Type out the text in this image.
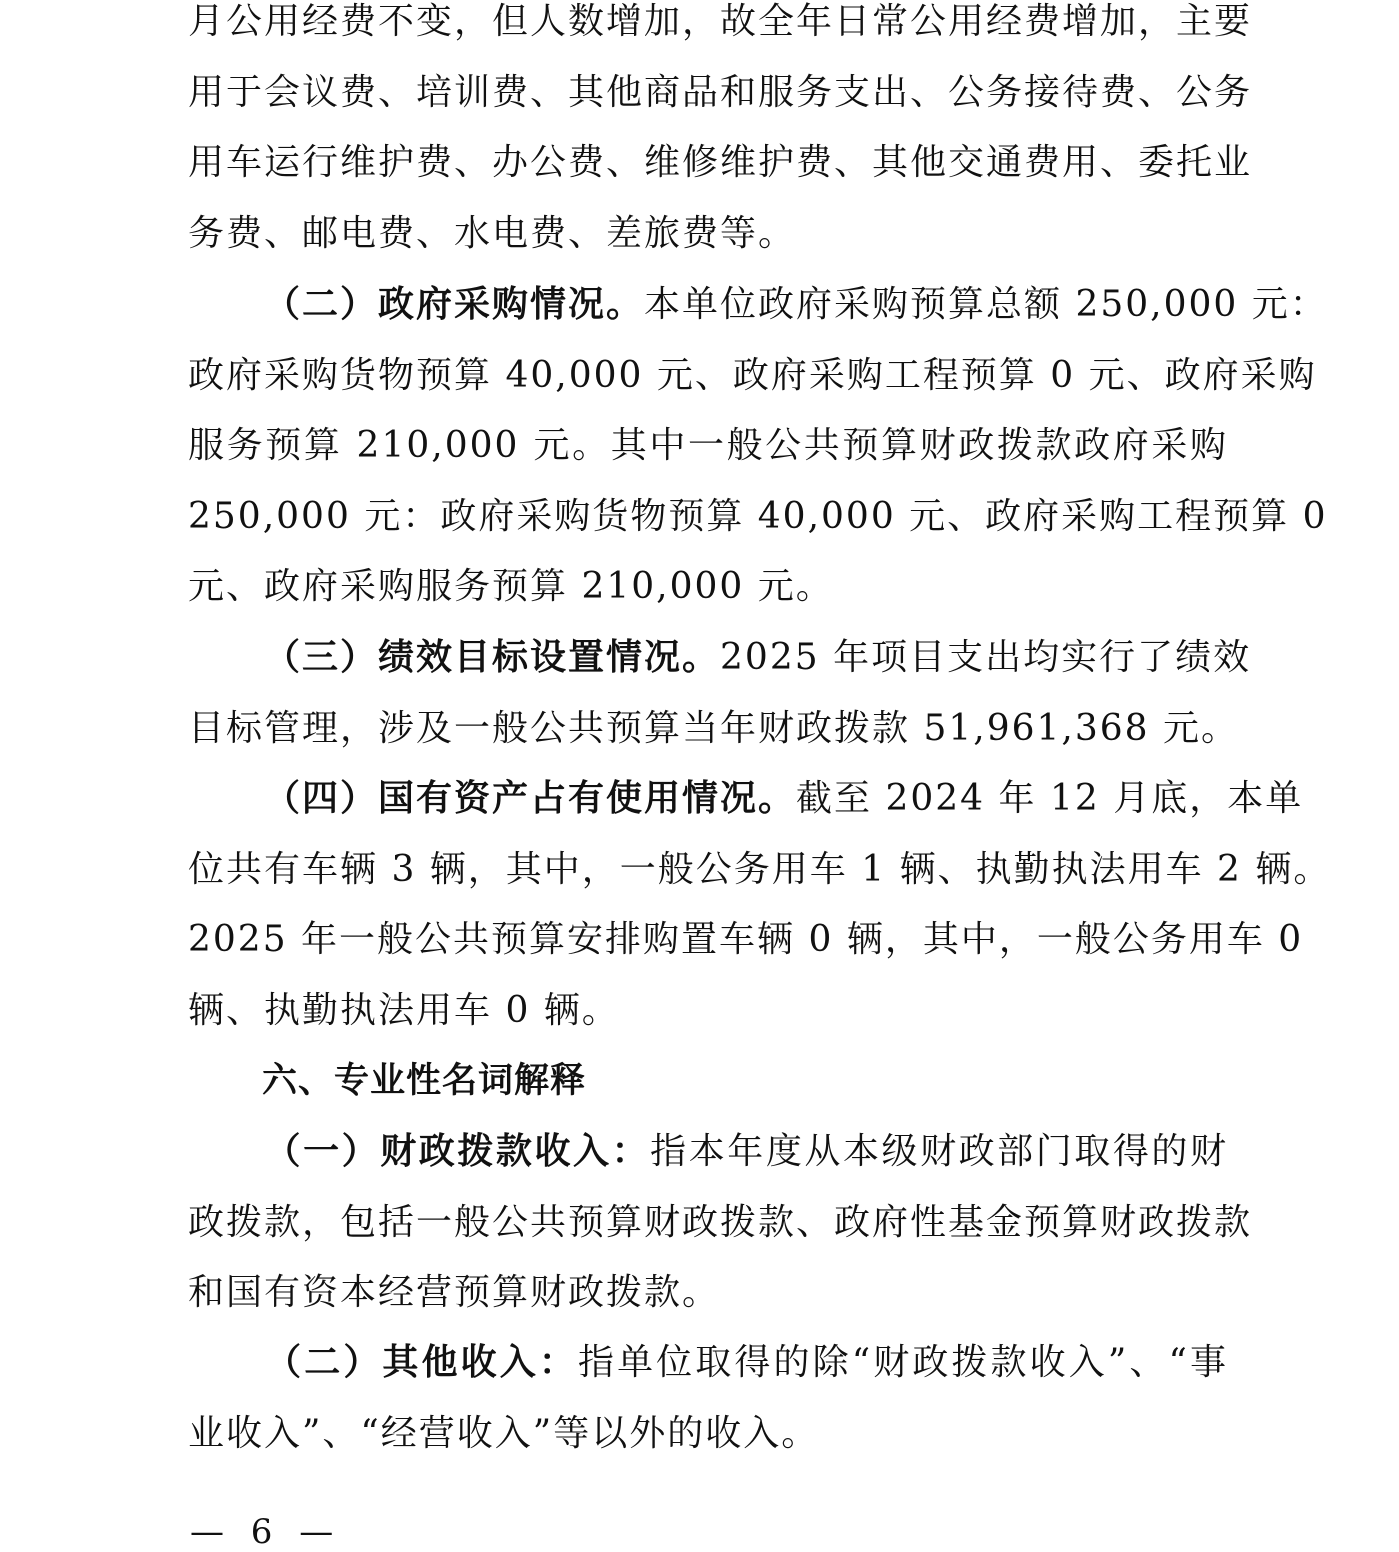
月公用经费不变，但人数增加，故全年日常公用经费增加，主要
用于会议费、培训费、其他商品和服务支出、公务接待费、公务
用车运行维护费、办公费、维修维护费、其他交通费用、委托业
务费、邮电费、水电费、差旅费等。
（二）政府采购情况。本单位政府采购预算总额 250,000 元：
政府采购货物预算 40,000 元、政府采购工程预算 0 元、政府采购
服务预算 210,000 元。其中一般公共预算财政拨款政府采购
250,000 元：政府采购货物预算 40,000 元、政府采购工程预算 0
元、政府采购服务预算 210,000 元。
（三）绩效目标设置情况。2025 年项目支出均实行了绩效
目标管理，涉及一般公共预算当年财政拨款 51,961,368 元。
（四）国有资产占有使用情况。截至 2024 年 12 月底，本单
位共有车辆 3 辆，其中，一般公务用车 1 辆、执勤执法用车 2 辆。
2025 年一般公共预算安排购置车辆 0 辆，其中，一般公务用车 0
辆、执勤执法用车 0 辆。
六、专业性名词解释
（一）财政拨款收入：指本年度从本级财政部门取得的财
政拨款，包括一般公共预算财政拨款、政府性基金预算财政拨款
和国有资本经营预算财政拨款。
（二）其他收入：指单位取得的除“财政拨款收入”、“事
业收入”、“经营收入”等以外的收入。
— 6 —
